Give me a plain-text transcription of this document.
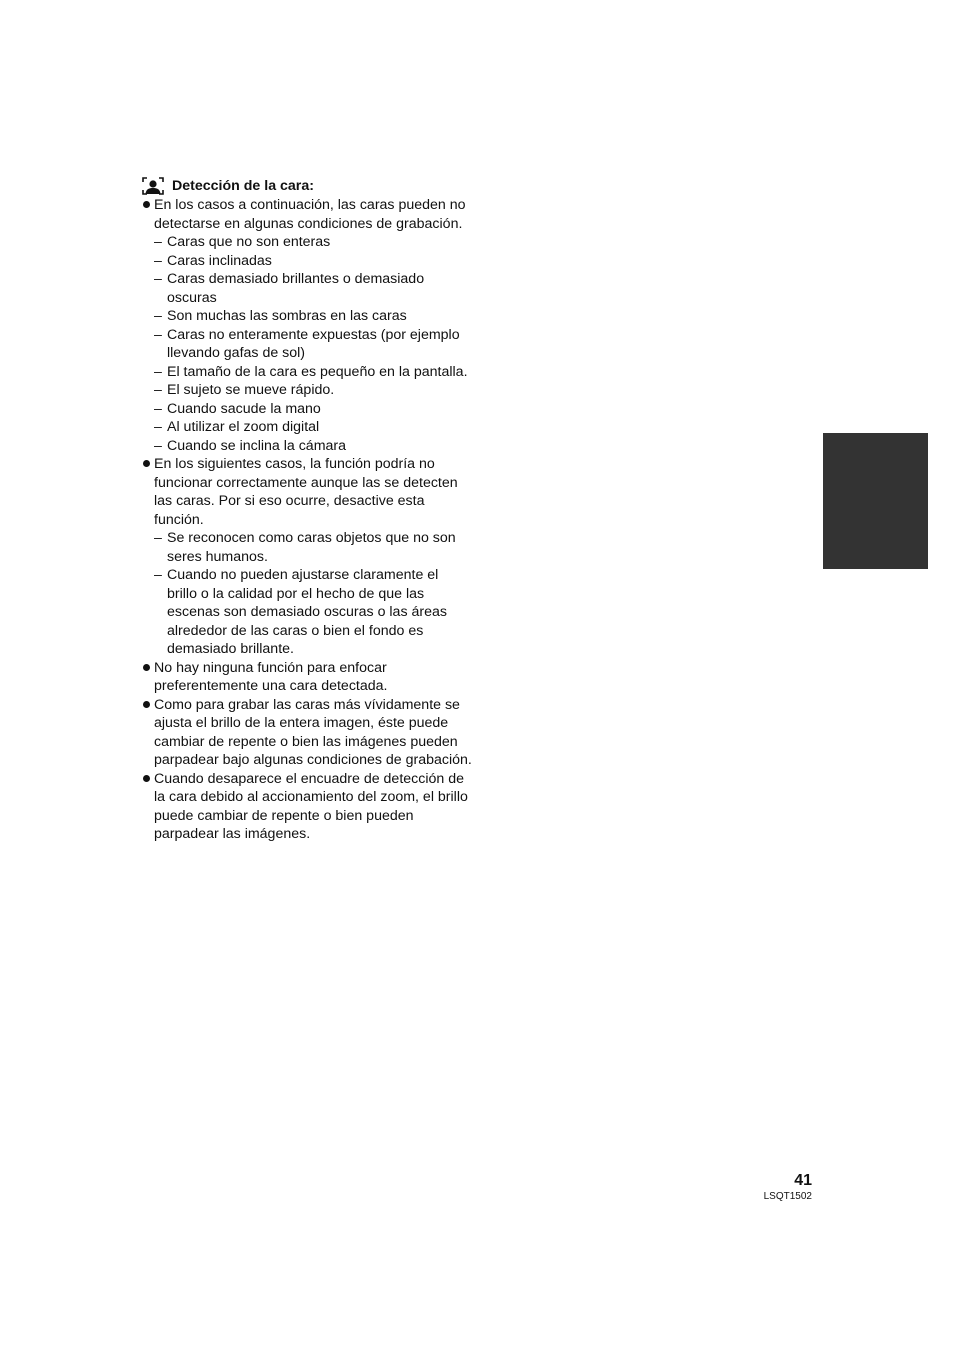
Detección de la cara:
En los casos a continuación, las caras pueden no detectarse en algunas condiciones de grabación.
– Caras que no son enteras
– Caras inclinadas
– Caras demasiado brillantes o demasiado oscuras
– Son muchas las sombras en las caras
– Caras no enteramente expuestas (por ejemplo llevando gafas de sol)
– El tamaño de la cara es pequeño en la pantalla.
– El sujeto se mueve rápido.
– Cuando sacude la mano
– Al utilizar el zoom digital
– Cuando se inclina la cámara
En los siguientes casos, la función podría no funcionar correctamente aunque las se detecten las caras. Por si eso ocurre, desactive esta función.
– Se reconocen como caras objetos que no son seres humanos.
– Cuando no pueden ajustarse claramente el brillo o la calidad por el hecho de que las escenas son demasiado oscuras o las áreas alrededor de las caras o bien el fondo es demasiado brillante.
No hay ninguna función para enfocar preferentemente una cara detectada.
Como para grabar las caras más vívidamente se ajusta el brillo de la entera imagen, éste puede cambiar de repente o bien las imágenes pueden parpadear bajo algunas condiciones de grabación.
Cuando desaparece el encuadre de detección de la cara debido al accionamiento del zoom, el brillo puede cambiar de repente o bien pueden parpadear las imágenes.
41
LSQT1502
